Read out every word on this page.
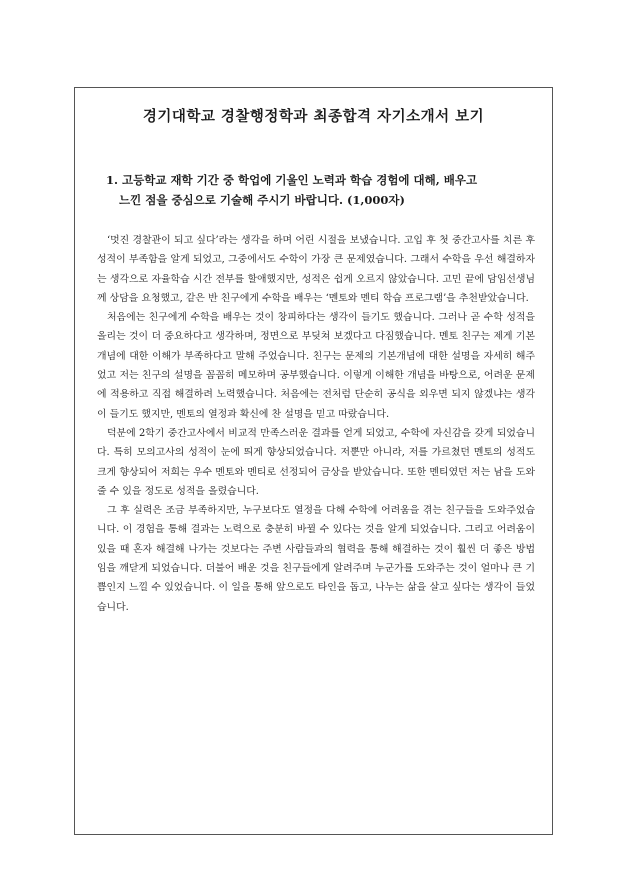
경기대학교 경찰행정학과 최종합격 자기소개서 보기
1. 고등학교 재학 기간 중 학업에 기울인 노력과 학습 경험에 대해, 배우고
느낀 점을 중심으로 기술해 주시기 바랍니다. (1,000자)

‘멋진 경찰관이 되고 싶다’라는 생각을 하며 어린 시절을 보냈습니다. 고입 후 첫 중간고사를 치른 후 성적이 부족함을 알게 되었고, 그중에서도 수학이 가장 큰 문제였습니다. 그래서 수학을 우선 해결하자는 생각으로 자율학습 시간 전부를 할애했지만, 성적은 쉽게 오르지 않았습니다. 고민 끝에 담임선생님께 상담을 요청했고, 같은 반 친구에게 수학을 배우는 ‘멘토와 멘티 학습 프로그램’을 추천받았습니다.

처음에는 친구에게 수학을 배우는 것이 창피하다는 생각이 들기도 했습니다. 그러나 곧 수학 성적을 올리는 것이 더 중요하다고 생각하며, 정면으로 부딪쳐 보겠다고 다짐했습니다. 멘토 친구는 제게 기본개념에 대한 이해가 부족하다고 말해 주었습니다. 친구는 문제의 기본개념에 대한 설명을 자세히 해주었고 저는 친구의 설명을 꼼꼼히 메모하며 공부했습니다. 이렇게 이해한 개념을 바탕으로, 어려운 문제에 적용하고 직접 해결하려 노력했습니다. 처음에는 전처럼 단순히 공식을 외우면 되지 않겠냐는 생각이 들기도 했지만, 멘토의 열정과 확신에 찬 설명을 믿고 따랐습니다.

덕분에 2학기 중간고사에서 비교적 만족스러운 결과를 얻게 되었고, 수학에 자신감을 갖게 되었습니다. 특히 모의고사의 성적이 눈에 띄게 향상되었습니다. 저뿐만 아니라, 저를 가르쳤던 멘토의 성적도 크게 향상되어 저희는 우수 멘토와 멘티로 선정되어 금상을 받았습니다. 또한 멘티였던 저는 남을 도와줄 수 있을 정도로 성적을 올렸습니다.

그 후 실력은 조금 부족하지만, 누구보다도 열정을 다해 수학에 어려움을 겪는 친구들을 도와주었습니다. 이 경험을 통해 결과는 노력으로 충분히 바뀔 수 있다는 것을 알게 되었습니다. 그리고 어려움이 있을 때 혼자 해결해 나가는 것보다는 주변 사람들과의 협력을 통해 해결하는 것이 훨씬 더 좋은 방법임을 깨닫게 되었습니다. 더불어 배운 것을 친구들에게 알려주며 누군가를 도와주는 것이 얼마나 큰 기쁨인지 느낄 수 있었습니다. 이 일을 통해 앞으로도 타인을 돕고, 나누는 삶을 살고 싶다는 생각이 들었습니다.
